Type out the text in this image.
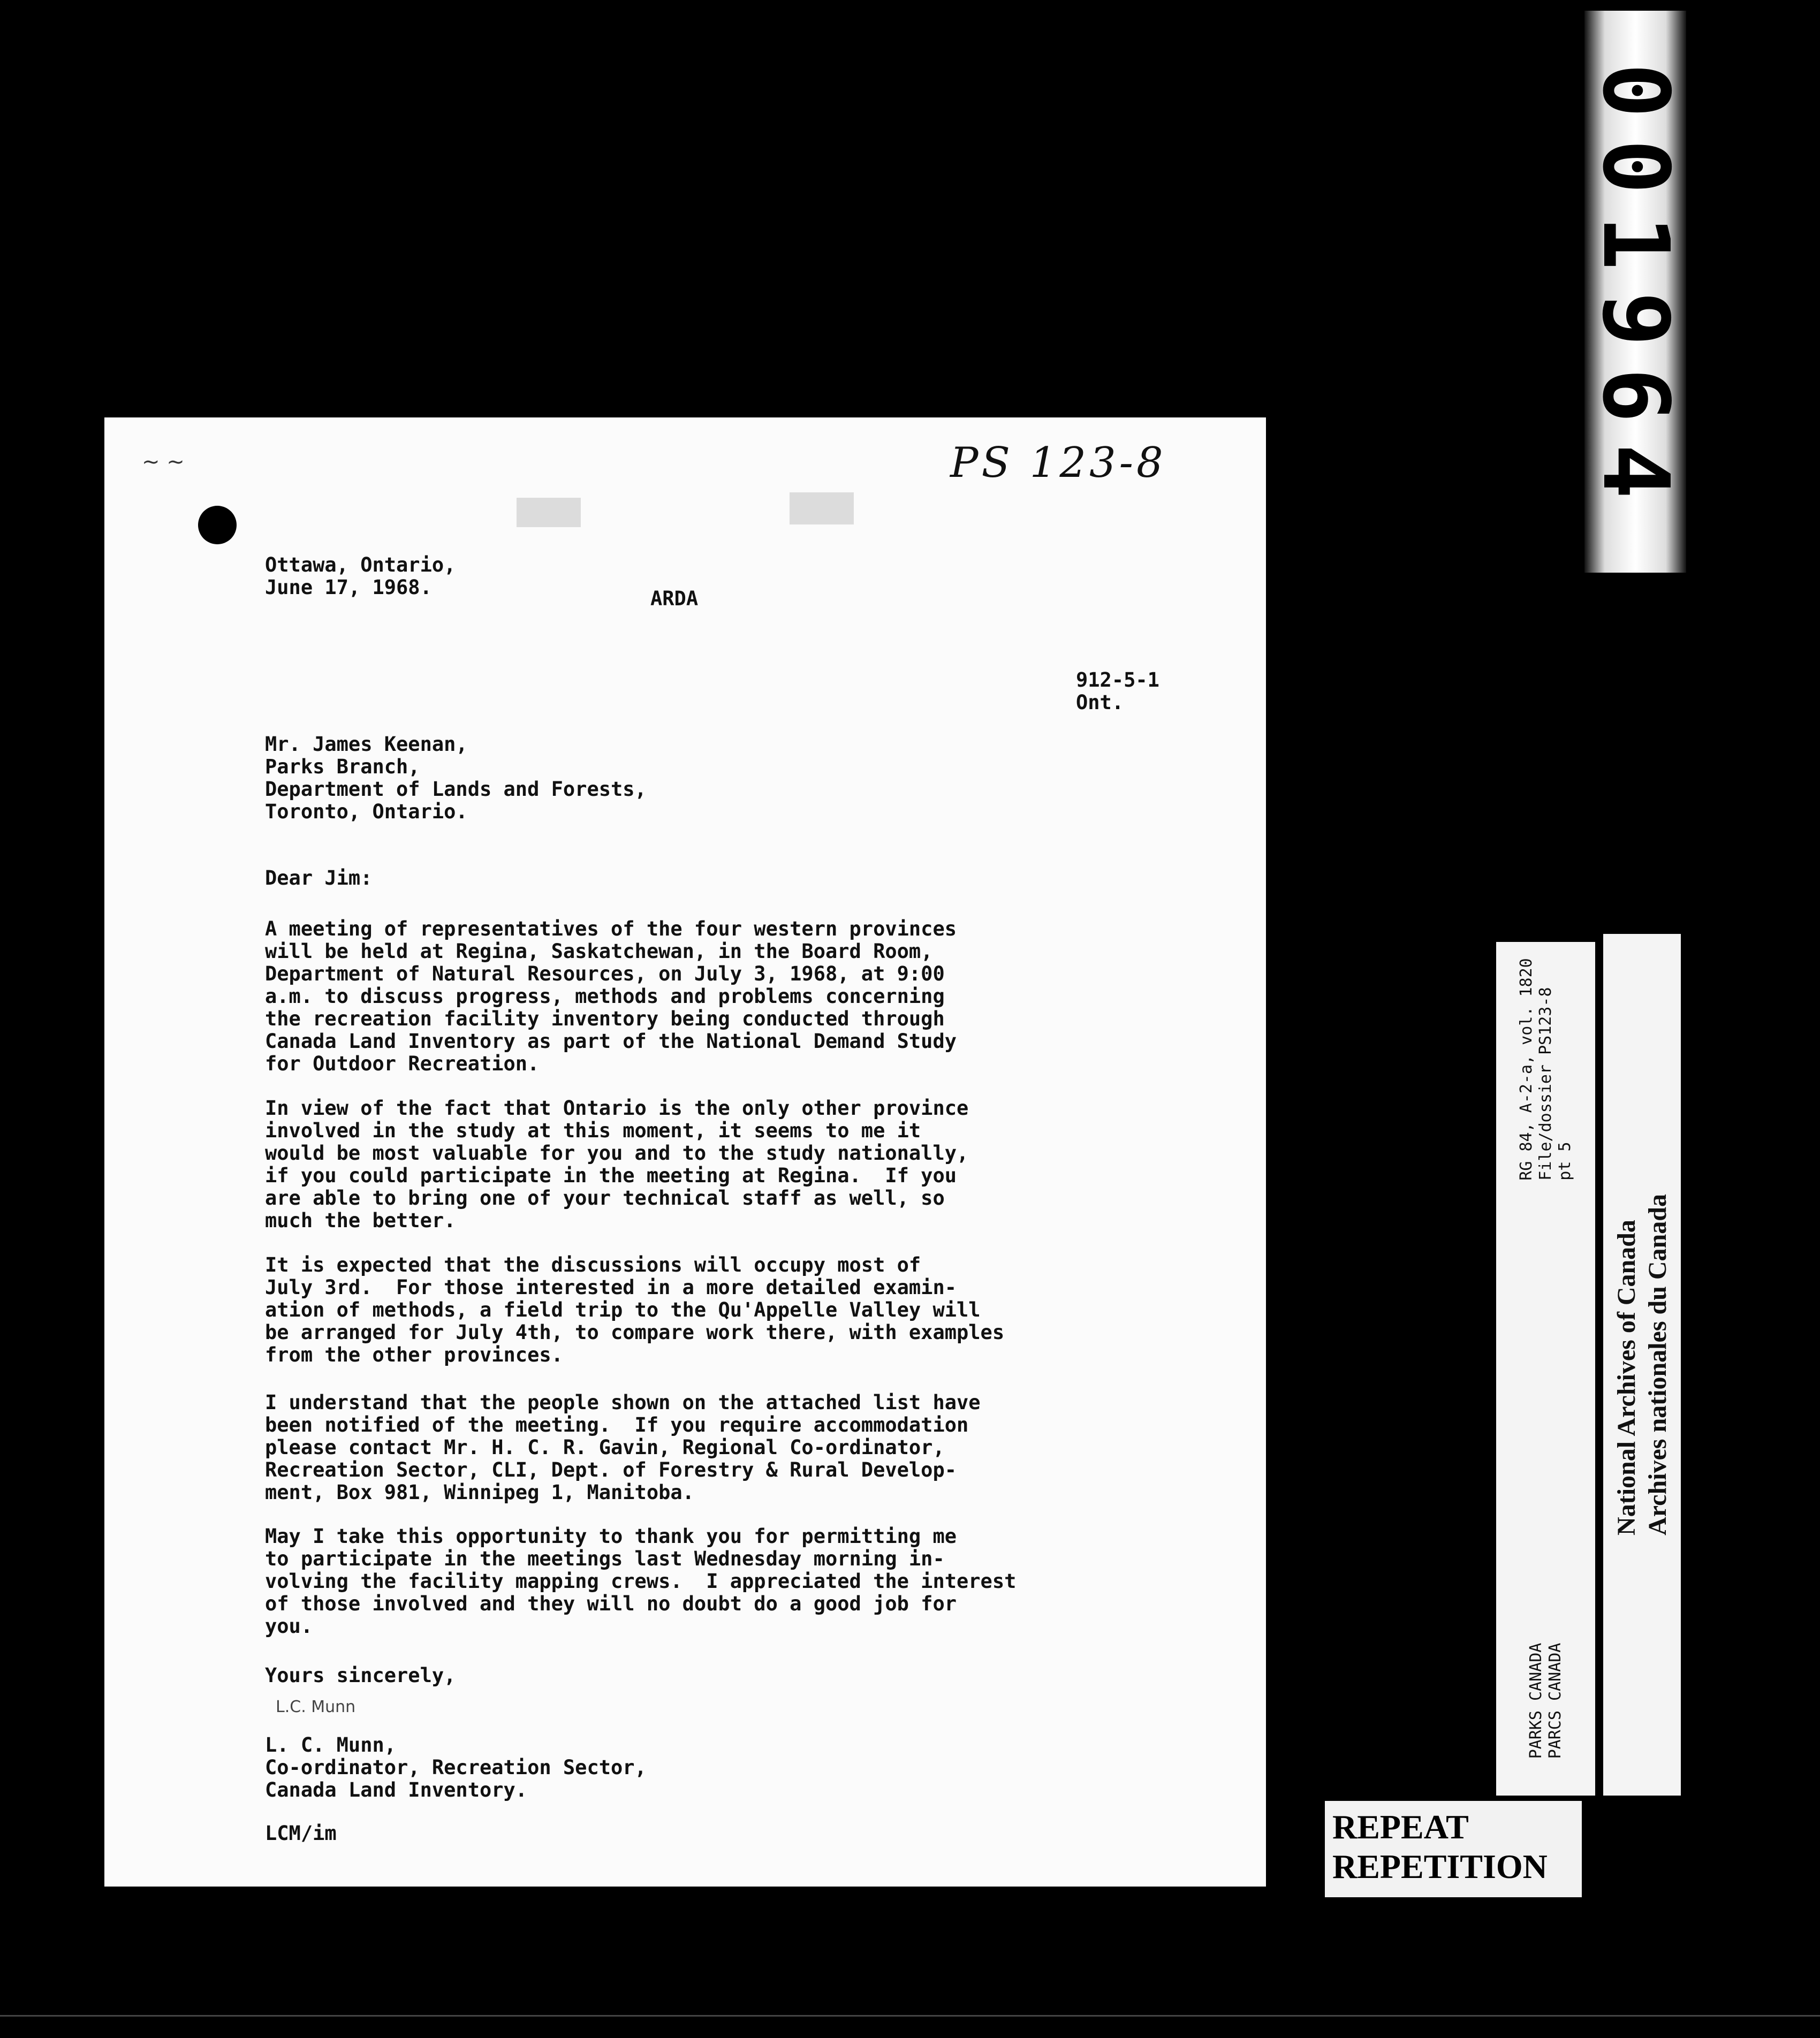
001964
~ ~	PS 123-8

Ottawa, Ontario,

June 17, 1968.	ARDA

912-5-1

Ont.

Mr. James Keenan,

Parks Branch,

Department of Lands and Forests,

Toronto, Ontario.

Dear Jim:

A meeting of representatives of the four western provinces
will be held at Regina, Saskatchewan, in the Board Room,
Department of Natural Resources, on July 3, 1968, at 9:00
a.m. to discuss progress, methods and problems concerning
the recreation facility inventory being conducted through
Canada Land Inventory as part of the National Demand Study
for Outdoor Recreation.

In view of the fact that Ontario is the only other province
involved in the study at this moment, it seems to me it
would be most valuable for you and to the study nationally,
if you could participate in the meeting at Regina.  If you
are able to bring one of your technical staff as well, so
much the better.

It is expected that the discussions will occupy most of
July 3rd.  For those interested in a more detailed examin-
ation of methods, a field trip to the Qu'Appelle Valley will
be arranged for July 4th, to compare work there, with examples
from the other provinces.

I understand that the people shown on the attached list have
been notified of the meeting.  If you require accommodation
please contact Mr. H. C. R. Gavin, Regional Co-ordinator,
Recreation Sector, CLI, Dept. of Forestry & Rural Develop-
ment, Box 981, Winnipeg 1, Manitoba.

May I take this opportunity to thank you for permitting me
to participate in the meetings last Wednesday morning in-
volving the facility mapping crews.  I appreciated the interest
of those involved and they will no doubt do a good job for
you.

Yours sincerely,

L.C. Munn

L. C. Munn,

Co-ordinator, Recreation Sector,

Canada Land Inventory.

LCM/im

PARKS CANADA PARCS CANADA
RG 84, A-2-a, vol. 1820 File/dossier PS123-8 pt 5
National Archives of Canada Archives nationales du Canada
REPEAT
REPETITION
